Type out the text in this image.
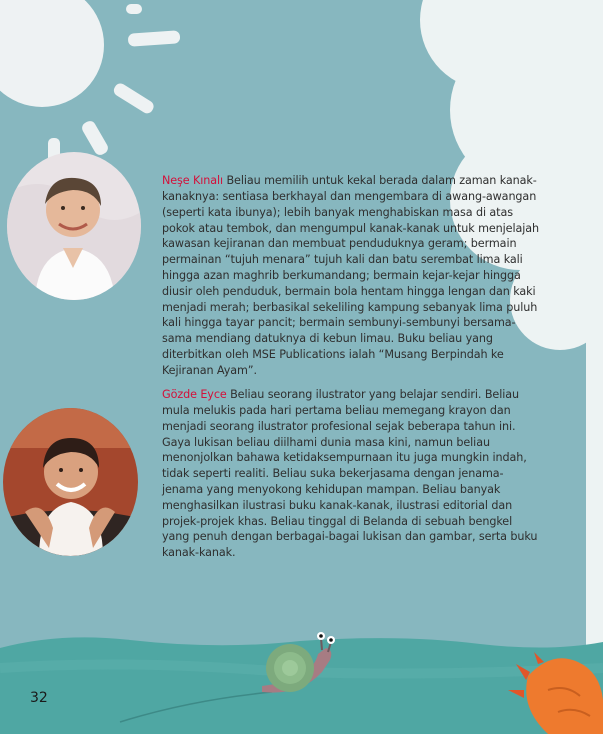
Neşe Kınalı Beliau memilih untuk kekal berada dalam zaman kanak-kanaknya: sentiasa berkhayal dan mengembara di awang-awangan (seperti kata ibunya); lebih banyak menghabiskan masa di atas pokok atau tembok, dan mengumpul kanak-kanak untuk menjelajah kawasan kejiranan dan membuat penduduknya geram; bermain permainan “tujuh menara” tujuh kali dan batu serembat lima kali hingga azan maghrib berkumandang; bermain kejar-kejar hingga diusir oleh penduduk, bermain bola hentam hingga lengan dan kaki menjadi merah; berbasikal sekeliling kampung sebanyak lima puluh kali hingga tayar pancit; bermain sembunyi-sembunyi bersama-sama mendiang datuknya di kebun limau. Buku beliau yang diterbitkan oleh MSE Publications ialah “Musang Berpindah ke Kejiranan Ayam”.

Gözde Eyce Beliau seorang ilustrator yang belajar sendiri. Beliau mula melukis pada hari pertama beliau memegang krayon dan menjadi seorang ilustrator profesional sejak beberapa tahun ini. Gaya lukisan beliau diilhami dunia masa kini, namun beliau menonjolkan bahawa ketidaksempurnaan itu juga mungkin indah, tidak seperti realiti. Beliau suka bekerjasama dengan jenama-jenama yang menyokong kehidupan mampan. Beliau banyak menghasilkan ilustrasi buku kanak-kanak, ilustrasi editorial dan projek-projek khas. Beliau tinggal di Belanda di sebuah bengkel yang penuh dengan berbagai-bagai lukisan dan gambar, serta buku kanak-kanak.

32
